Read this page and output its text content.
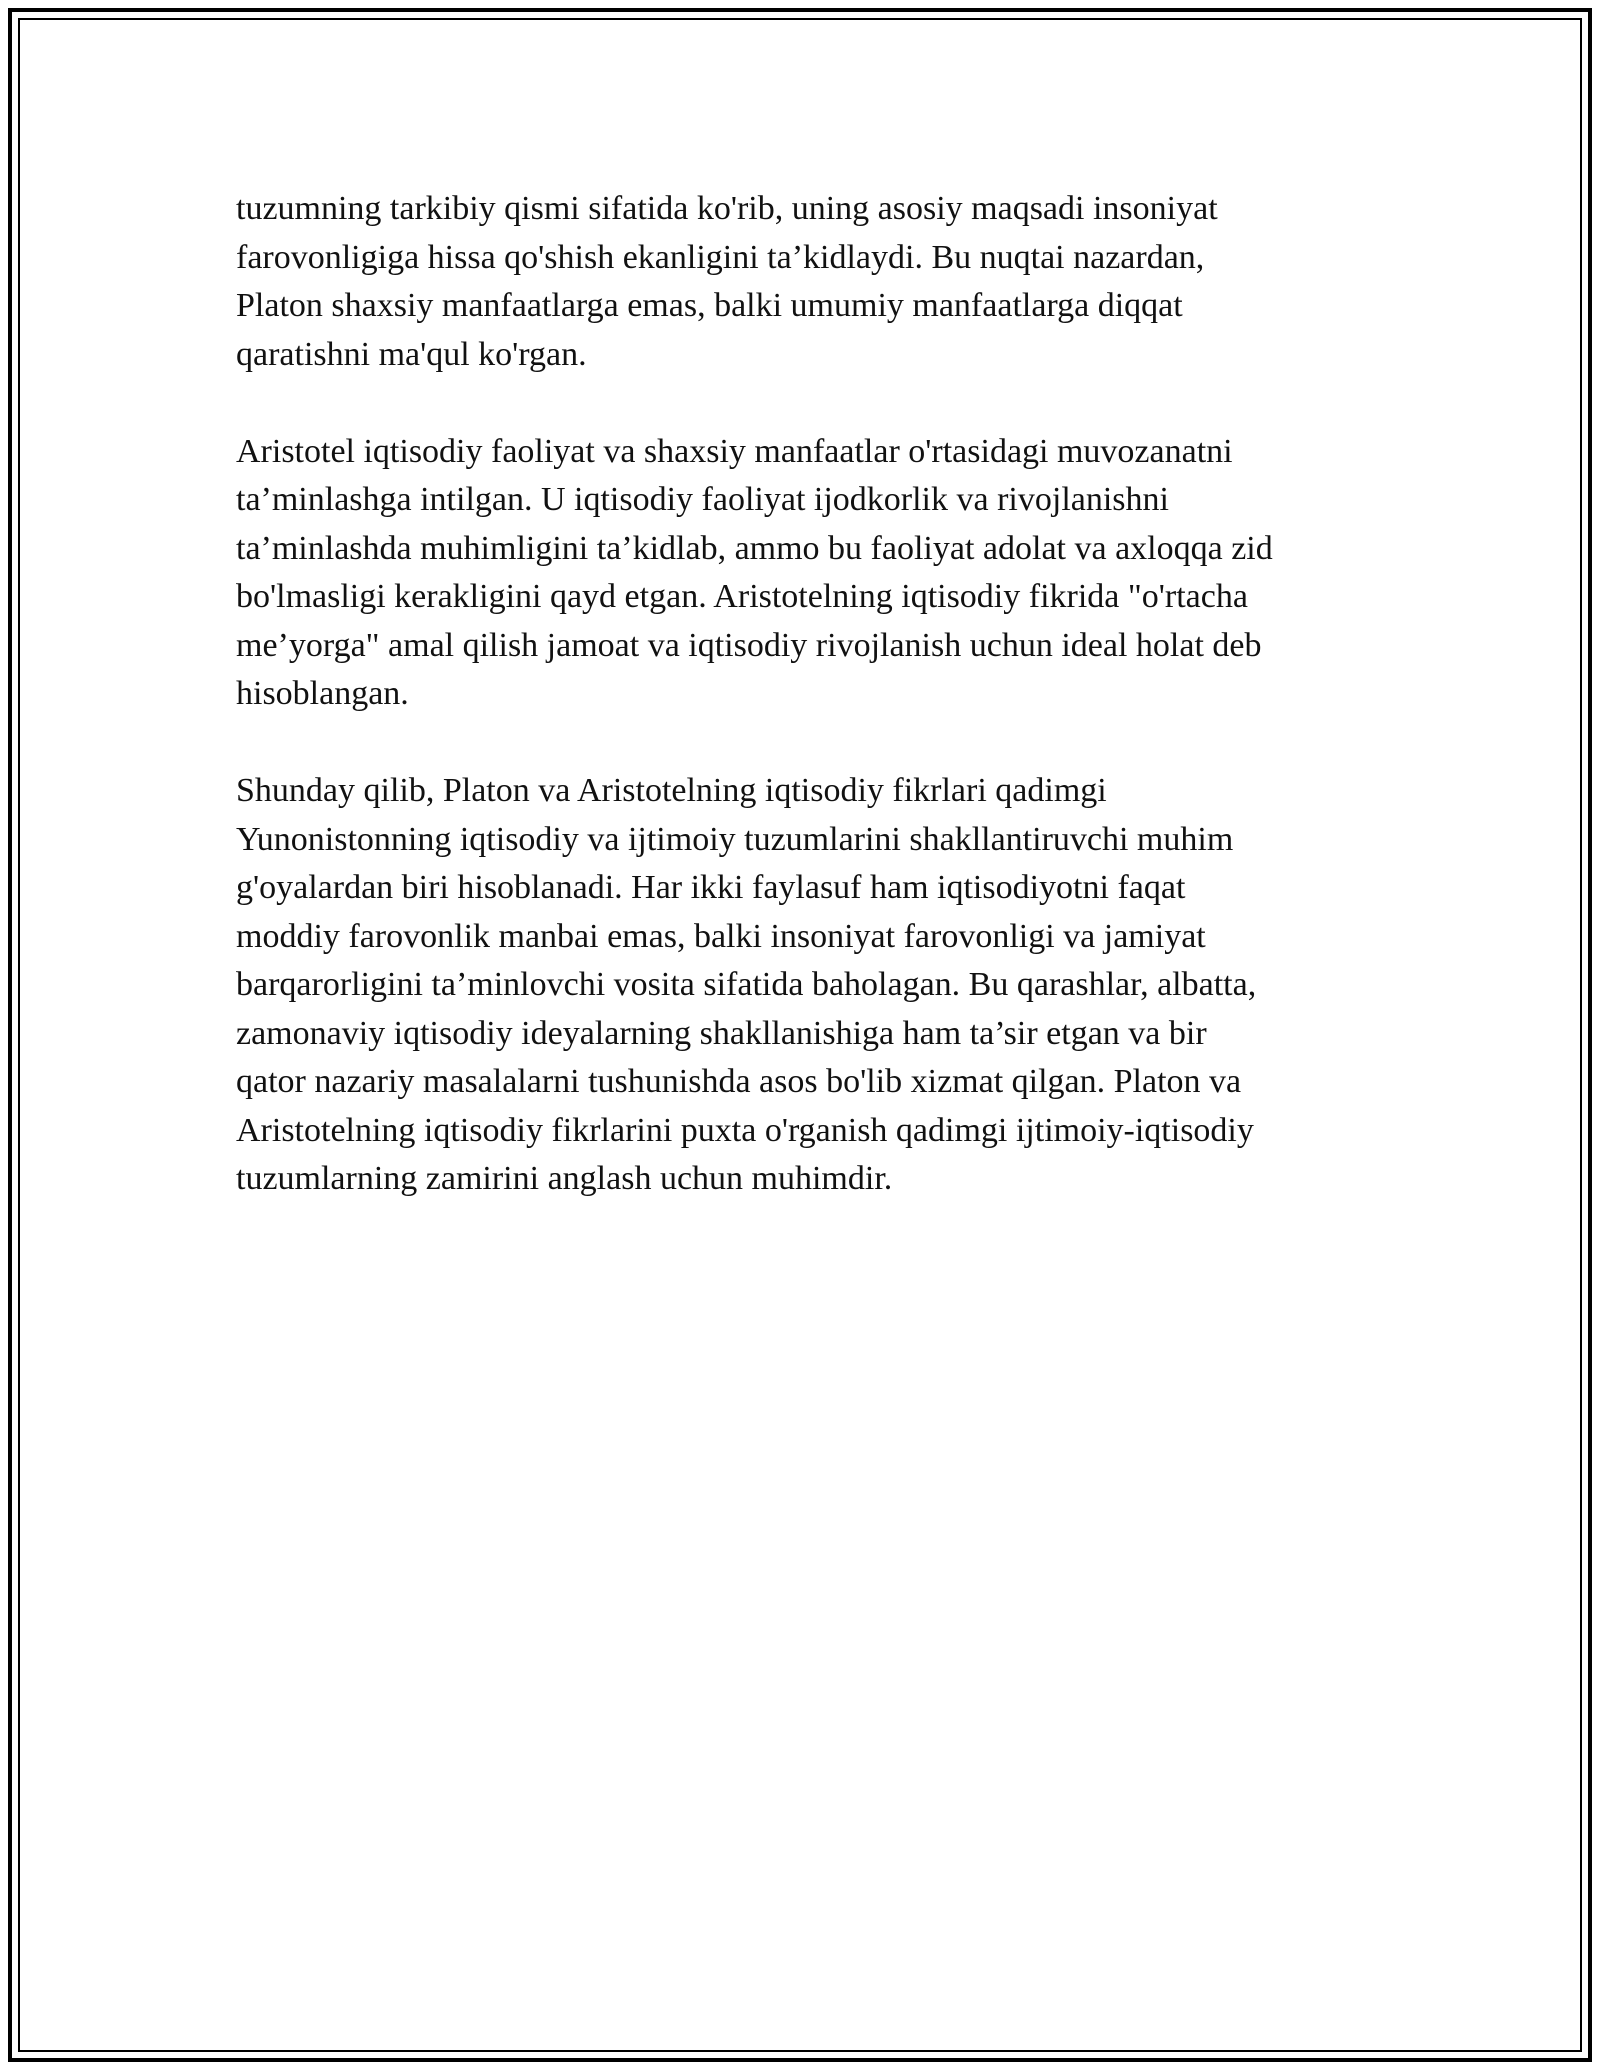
tuzumning tarkibiy qismi sifatida ko'rib, uning asosiy maqsadi insoniyat
farovonligiga hissa qo'shish ekanligini ta’kidlaydi. Bu nuqtai nazardan,
Platon shaxsiy manfaatlarga emas, balki umumiy manfaatlarga diqqat
qaratishni ma'qul ko'rgan.

Aristotel iqtisodiy faoliyat va shaxsiy manfaatlar o'rtasidagi muvozanatni
ta’minlashga intilgan. U iqtisodiy faoliyat ijodkorlik va rivojlanishni
ta’minlashda muhimligini ta’kidlab, ammo bu faoliyat adolat va axloqqa zid
bo'lmasligi kerakligini qayd etgan. Aristotelning iqtisodiy fikrida "o'rtacha
me’yorga" amal qilish jamoat va iqtisodiy rivojlanish uchun ideal holat deb
hisoblangan.

Shunday qilib, Platon va Aristotelning iqtisodiy fikrlari qadimgi
Yunonistonning iqtisodiy va ijtimoiy tuzumlarini shakllantiruvchi muhim
g'oyalardan biri hisoblanadi. Har ikki faylasuf ham iqtisodiyotni faqat
moddiy farovonlik manbai emas, balki insoniyat farovonligi va jamiyat
barqarorligini ta’minlovchi vosita sifatida baholagan. Bu qarashlar, albatta,
zamonaviy iqtisodiy ideyalarning shakllanishiga ham ta’sir etgan va bir
qator nazariy masalalarni tushunishda asos bo'lib xizmat qilgan. Platon va
Aristotelning iqtisodiy fikrlarini puxta o'rganish qadimgi ijtimoiy-iqtisodiy
tuzumlarning zamirini anglash uchun muhimdir.
